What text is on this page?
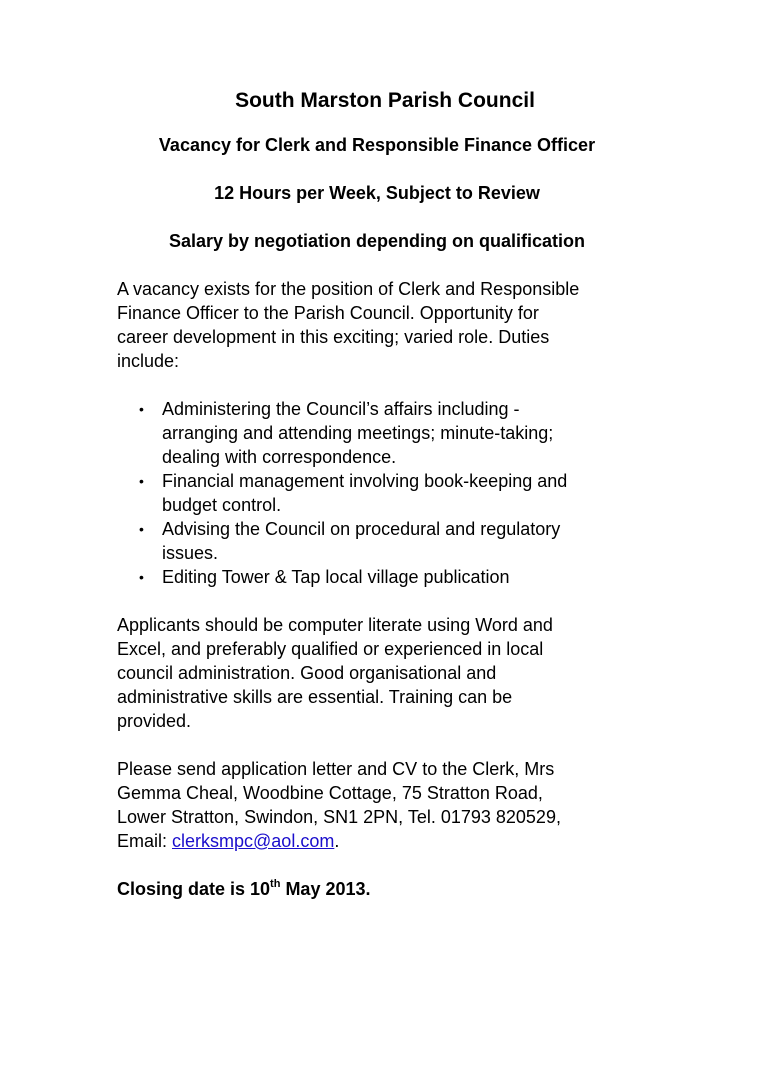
South Marston Parish Council

Vacancy for Clerk and Responsible Finance Officer

12 Hours per Week, Subject to Review

Salary by negotiation depending on qualification

A vacancy exists for the position of Clerk and Responsible
Finance Officer to the Parish Council. Opportunity for
career development in this exciting; varied role. Duties
include:
• Administering the Council’s affairs including -
arranging and attending meetings; minute-taking;
dealing with correspondence.
• Financial management involving book-keeping and
budget control.
• Advising the Council on procedural and regulatory
issues.
• Editing Tower & Tap local village publication
Applicants should be computer literate using Word and
Excel, and preferably qualified or experienced in local
council administration. Good organisational and
administrative skills are essential. Training can be
provided.
Please send application letter and CV to the Clerk, Mrs
Gemma Cheal, Woodbine Cottage, 75 Stratton Road,
Lower Stratton, Swindon, SN1 2PN, Tel. 01793 820529,
Email: clerksmpc@aol.com.
Closing date is 10th May 2013.
